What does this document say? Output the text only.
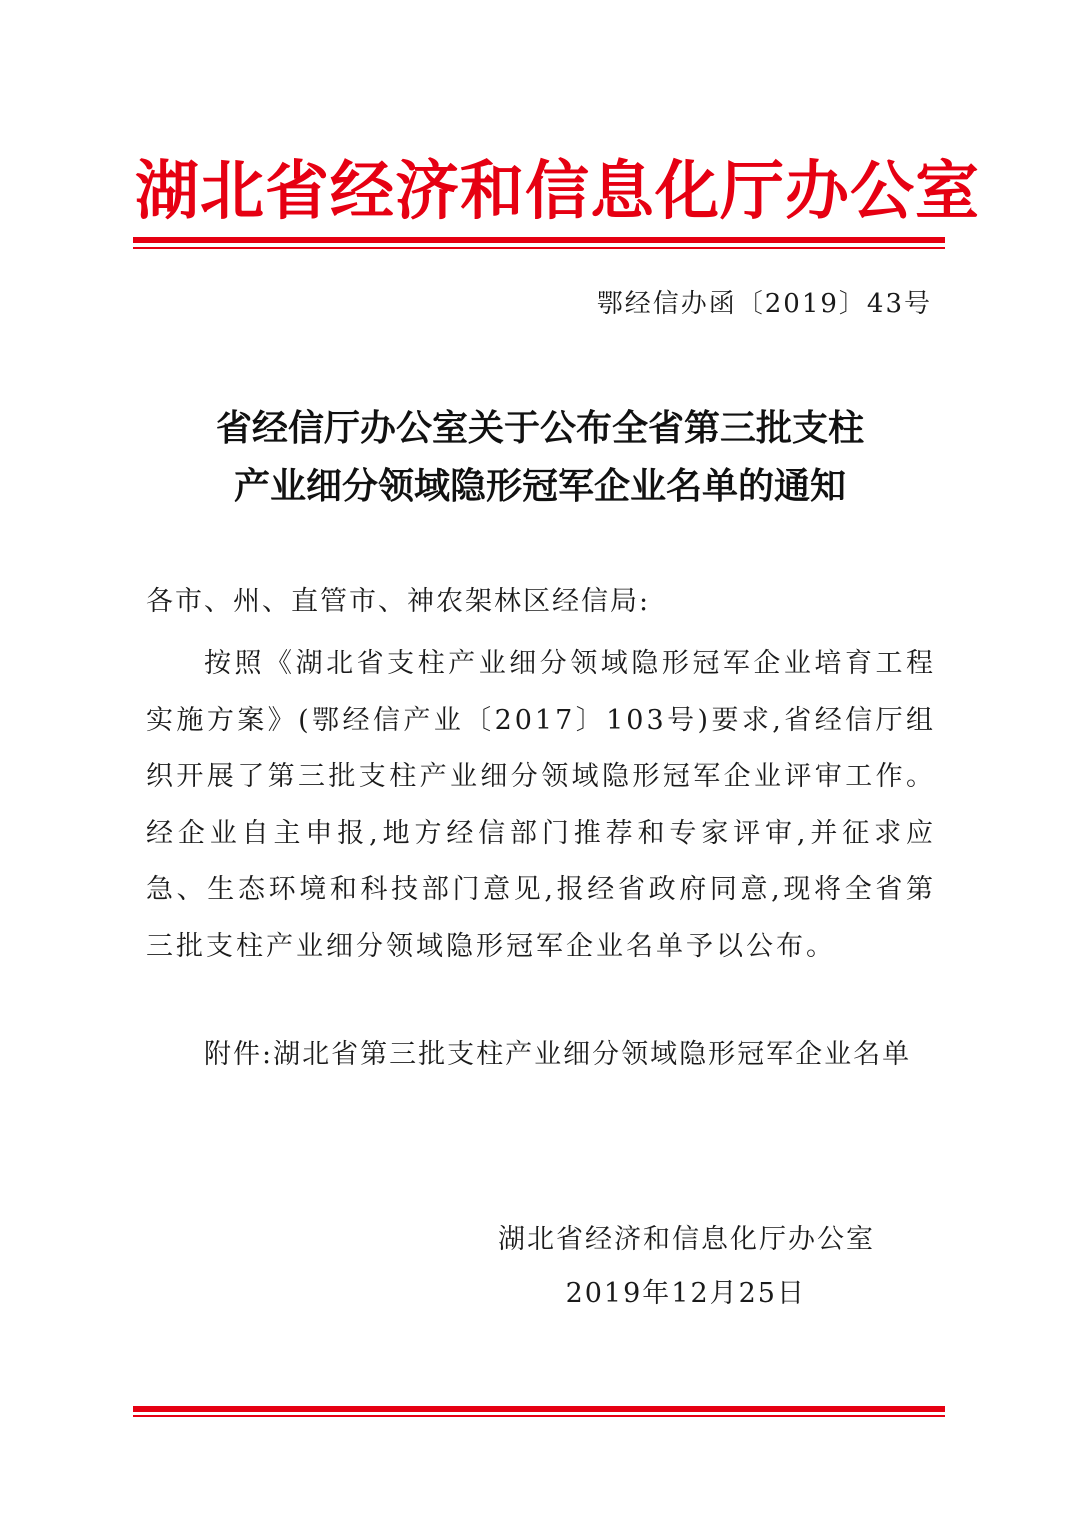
湖北省经济和信息化厅办公室
鄂经信办函〔2019〕43号
省经信厅办公室关于公布全省第三批支柱
产业细分领域隐形冠军企业名单的通知
各市、州、直管市、神农架林区经信局:
按照《湖北省支柱产业细分领域隐形冠军企业培育工程实施方案》(鄂经信产业〔2017〕103号)要求,省经信厅组织开展了第三批支柱产业细分领域隐形冠军企业评审工作。经企业自主申报,地方经信部门推荐和专家评审,并征求应急、生态环境和科技部门意见,报经省政府同意,现将全省第三批支柱产业细分领域隐形冠军企业名单予以公布。
附件:湖北省第三批支柱产业细分领域隐形冠军企业名单
湖北省经济和信息化厅办公室
2019年12月25日
